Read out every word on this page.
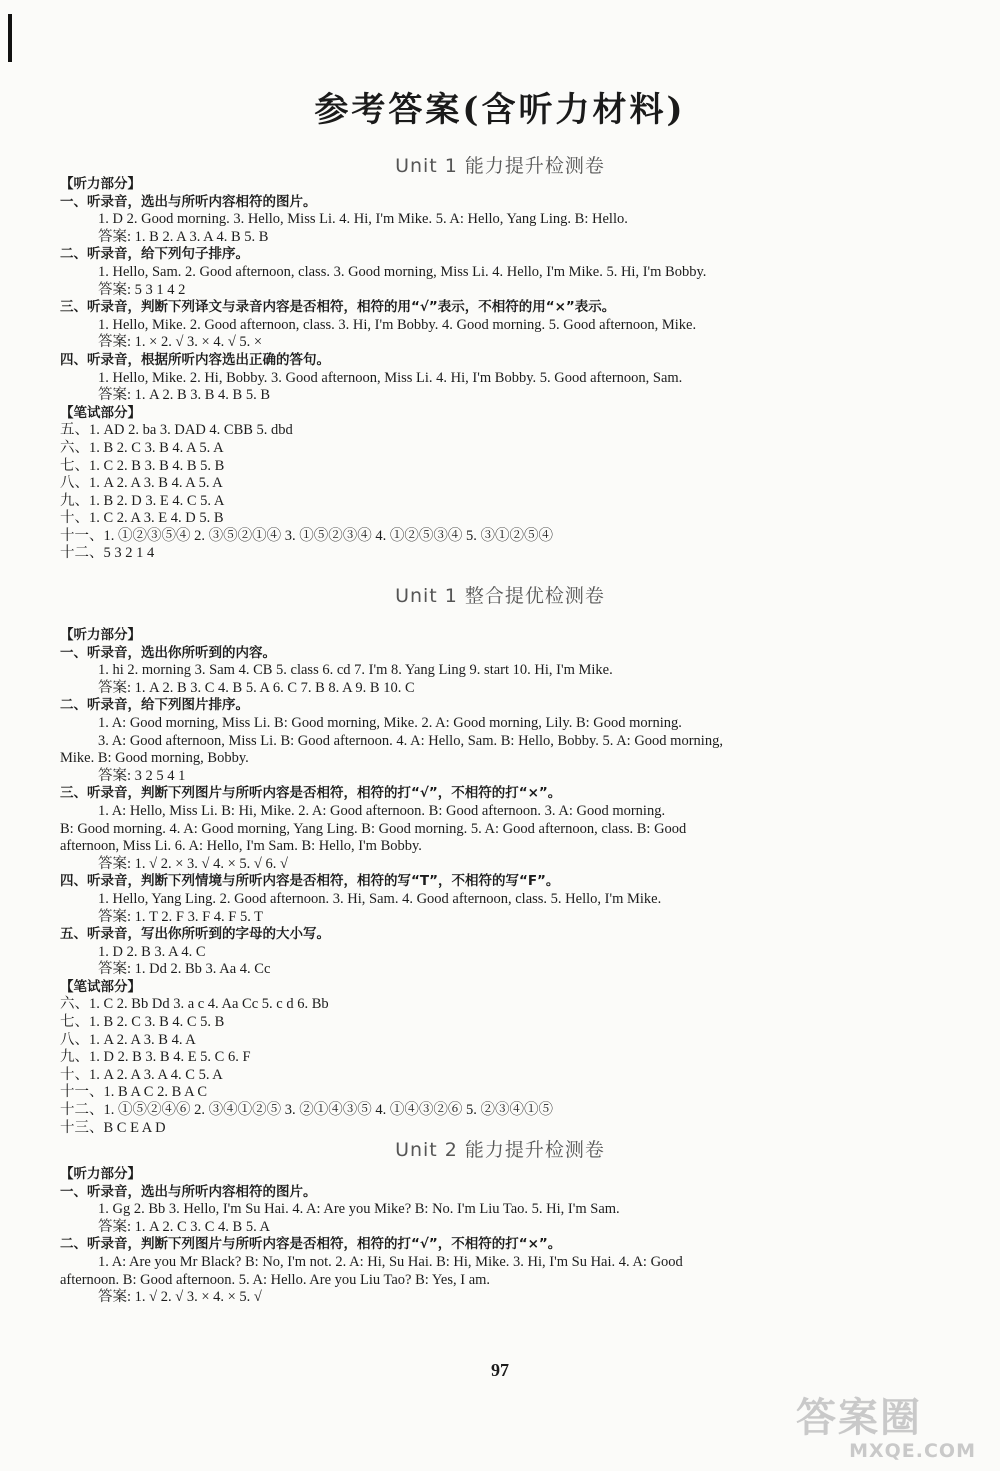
参考答案(含听力材料)
Unit 1 能力提升检测卷
【听力部分】
一、听录音，选出与所听内容相符的图片。
1. D 2. Good morning. 3. Hello, Miss Li. 4. Hi, I'm Mike. 5. A: Hello, Yang Ling. B: Hello.
答案: 1. B 2. A 3. A 4. B 5. B
二、听录音，给下列句子排序。
1. Hello, Sam. 2. Good afternoon, class. 3. Good morning, Miss Li. 4. Hello, I'm Mike. 5. Hi, I'm Bobby.
答案: 5 3 1 4 2
三、听录音，判断下列译文与录音内容是否相符，相符的用“√”表示，不相符的用“×”表示。
1. Hello, Mike. 2. Good afternoon, class. 3. Hi, I'm Bobby. 4. Good morning. 5. Good afternoon, Mike.
答案: 1. × 2. √ 3. × 4. √ 5. ×
四、听录音，根据所听内容选出正确的答句。
1. Hello, Mike. 2. Hi, Bobby. 3. Good afternoon, Miss Li. 4. Hi, I'm Bobby. 5. Good afternoon, Sam.
答案: 1. A 2. B 3. B 4. B 5. B
【笔试部分】
五、1. AD 2. ba 3. DAD 4. CBB 5. dbd
六、1. B 2. C 3. B 4. A 5. A
七、1. C 2. B 3. B 4. B 5. B
八、1. A 2. A 3. B 4. A 5. A
九、1. B 2. D 3. E 4. C 5. A
十、1. C 2. A 3. E 4. D 5. B
十一、1. ①②③⑤④ 2. ③⑤②①④ 3. ①⑤②③④ 4. ①②⑤③④ 5. ③①②⑤④
十二、5 3 2 1 4
Unit 1 整合提优检测卷
【听力部分】
一、听录音，选出你所听到的内容。
1. hi 2. morning 3. Sam 4. CB 5. class 6. cd 7. I'm 8. Yang Ling 9. start 10. Hi, I'm Mike.
答案: 1. A 2. B 3. C 4. B 5. A 6. C 7. B 8. A 9. B 10. C
二、听录音，给下列图片排序。
1. A: Good morning, Miss Li. B: Good morning, Mike. 2. A: Good morning, Lily. B: Good morning.
3. A: Good afternoon, Miss Li. B: Good afternoon. 4. A: Hello, Sam. B: Hello, Bobby. 5. A: Good morning,
Mike. B: Good morning, Bobby.
答案: 3 2 5 4 1
三、听录音，判断下列图片与所听内容是否相符，相符的打“√”，不相符的打“×”。
1. A: Hello, Miss Li. B: Hi, Mike. 2. A: Good afternoon. B: Good afternoon. 3. A: Good morning.
B: Good morning. 4. A: Good morning, Yang Ling. B: Good morning. 5. A: Good afternoon, class. B: Good
afternoon, Miss Li. 6. A: Hello, I'm Sam. B: Hello, I'm Bobby.
答案: 1. √ 2. × 3. √ 4. × 5. √ 6. √
四、听录音，判断下列情境与所听内容是否相符，相符的写“T”，不相符的写“F”。
1. Hello, Yang Ling. 2. Good afternoon. 3. Hi, Sam. 4. Good afternoon, class. 5. Hello, I'm Mike.
答案: 1. T 2. F 3. F 4. F 5. T
五、听录音，写出你所听到的字母的大小写。
1. D 2. B 3. A 4. C
答案: 1. Dd 2. Bb 3. Aa 4. Cc
【笔试部分】
六、1. C 2. Bb Dd 3. a c 4. Aa Cc 5. c d 6. Bb
七、1. B 2. C 3. B 4. C 5. B
八、1. A 2. A 3. B 4. A
九、1. D 2. B 3. B 4. E 5. C 6. F
十、1. A 2. A 3. A 4. C 5. A
十一、1. B A C 2. B A C
十二、1. ①⑤②④⑥ 2. ③④①②⑤ 3. ②①④③⑤ 4. ①④③②⑥ 5. ②③④①⑤
十三、B C E A D
Unit 2 能力提升检测卷
【听力部分】
一、听录音，选出与所听内容相符的图片。
1. Gg 2. Bb 3. Hello, I'm Su Hai. 4. A: Are you Mike? B: No. I'm Liu Tao. 5. Hi, I'm Sam.
答案: 1. A 2. C 3. C 4. B 5. A
二、听录音，判断下列图片与所听内容是否相符，相符的打“√”，不相符的打“×”。
1. A: Are you Mr Black? B: No, I'm not. 2. A: Hi, Su Hai. B: Hi, Mike. 3. Hi, I'm Su Hai. 4. A: Good
afternoon. B: Good afternoon. 5. A: Hello. Are you Liu Tao? B: Yes, I am.
答案: 1. √ 2. √ 3. × 4. × 5. √
97
答案圈
MXQE.COM
